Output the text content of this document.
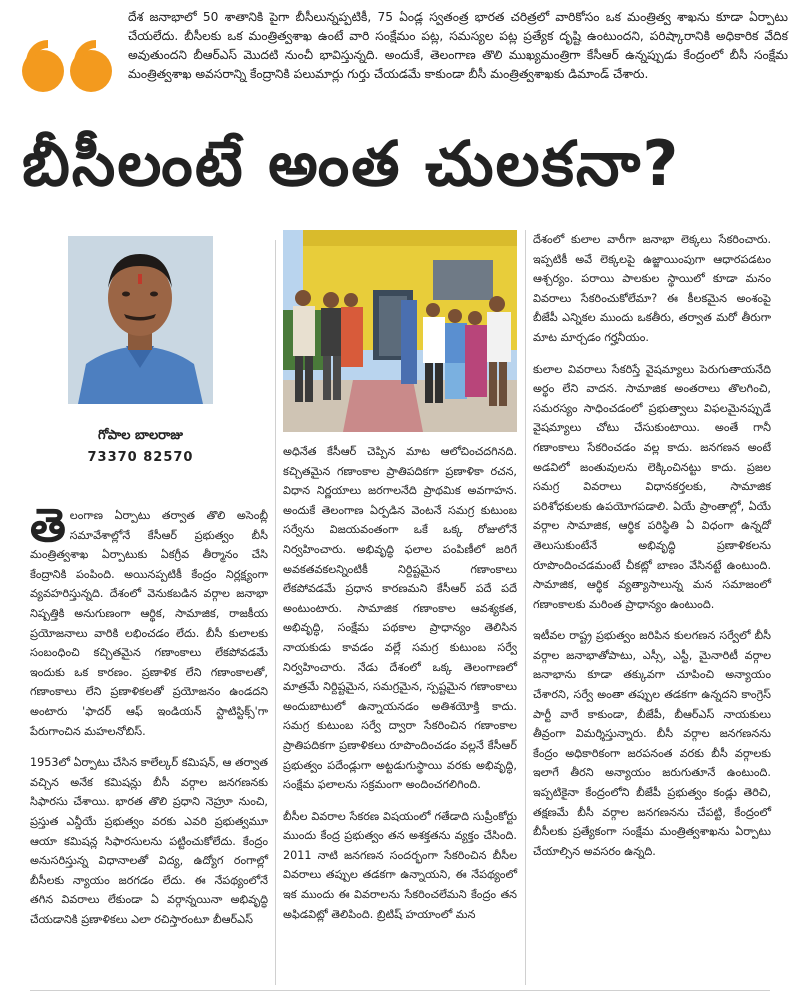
దేశ జనాభాలో 50 శాతానికి పైగా బీసీలున్నప్పటికీ, 75 ఏండ్ల స్వతంత్ర భారత చరిత్రలో వారికోసం ఒక మంత్రిత్వ శాఖను కూడా ఏర్పాటు చేయలేదు. బీసీలకు ఒక మంత్రిత్వశాఖ ఉంటే వారి సంక్షేమం పట్ల, సమస్యల పట్ల ప్రత్యేక దృష్టి ఉంటుందని, పరిష్కారానికి అధికారిక వేదిక అవుతుందని బీఆర్ఎస్ మొదటి నుంచీ భావిస్తున్నది. అందుకే, తెలంగాణ తొలి ముఖ్యమంత్రిగా కేసీఆర్ ఉన్నప్పుడు కేంద్రంలో బీసీ సంక్షేమ మంత్రిత్వశాఖ అవసరాన్ని కేంద్రానికి పలుమార్లు గుర్తు చేయడమే కాకుండా బీసీ మంత్రిత్వశాఖకు డిమాండ్ చేశారు.

బీసీలంటే అంత చులకనా?

గోపాల బాలరాజు

73370 82570

తెలంగాణ ఏర్పాటు తర్వాత తొలి అసెంబ్లీ సమావేశాల్లోనే కేసీఆర్ ప్రభుత్వం బీసీ మంత్రిత్వశాఖ ఏర్పాటుకు ఏకగ్రీవ తీర్మానం చేసి కేంద్రానికి పంపింది. అయినప్పటికీ కేంద్రం నిర్లక్ష్యంగా వ్యవహరిస్తున్నది. దేశంలో వెనుకబడిన వర్గాల జనాభా నిష్పత్తికి అనుగుణంగా ఆర్థిక, సామాజిక, రాజకీయ ప్రయోజనాలు వారికి లభించడం లేదు. బీసీ కులాలకు సంబంధించి కచ్చితమైన గణాంకాలు లేకపోవడమే ఇందుకు ఒక కారణం. ప్రణాళిక లేని గణాంకాలతో, గణాంకాలు లేని ప్రణాళికలతో ప్రయోజనం ఉండదని అంటారు 'ఫాదర్ ఆఫ్ ఇండియన్ స్టాటిస్టిక్స్'గా పేరుగాంచిన మహలనోబిస్.

1953లో ఏర్పాటు చేసిన కాలేల్కర్ కమిషన్, ఆ తర్వాత వచ్చిన అనేక కమిషన్లు బీసీ వర్గాల జనగణనకు సిఫారసు చేశాయి. భారత తొలి ప్రధాని నెహ్రూ నుంచి, ప్రస్తుత ఎన్డీయే ప్రభుత్వం వరకు ఎవరి ప్రభుత్వమూ ఆయా కమిషన్ల సిఫారసులను పట్టించుకోలేదు. కేంద్రం అనుసరిస్తున్న విధానాలతో విద్య, ఉద్యోగ రంగాల్లో బీసీలకు న్యాయం జరగడం లేదు. ఈ నేపథ్యంలోనే తగిన వివరాలు లేకుండా ఏ వర్గాన్నయినా అభివృద్ధి చేయడానికి ప్రణాళికలు ఎలా రచిస్తారంటూ బీఆర్ఎస్

అధినేత కేసీఆర్ చెప్పిన మాట ఆలోచించదగినది. కచ్చితమైన గణాంకాల ప్రాతిపదికగా ప్రణాళికా రచన, విధాన నిర్ణయాలు జరగాలనేది ప్రాథమిక అవగాహన. అందుకే తెలంగాణ ఏర్పడిన వెంటనే సమగ్ర కుటుంబ సర్వేను విజయవంతంగా ఒకే ఒక్క రోజులోనే నిర్వహించారు. అభివృద్ధి ఫలాల పంపిణీలో జరిగే అవకతవకలన్నింటికీ నిర్దిష్టమైన గణాంకాలు లేకపోవడమే ప్రధాన కారణమని కేసీఆర్ పదే పదే అంటుంటారు. సామాజిక గణాంకాల ఆవశ్యకత, అభివృద్ధి, సంక్షేమ పథకాల ప్రాధాన్యం తెలిసిన నాయకుడు కావడం వల్లే సమగ్ర కుటుంబ సర్వే నిర్వహించారు. నేడు దేశంలో ఒక్క తెలంగాణలో మాత్రమే నిర్దిష్టమైన, సమగ్రమైన, స్పష్టమైన గణాంకాలు అందుబాటులో ఉన్నాయనడం అతిశయోక్తి కాదు. సమగ్ర కుటుంబ సర్వే ద్వారా సేకరించిన గణాంకాల ప్రాతిపదికగా ప్రణాళికలు రూపొందించడం వల్లనే కేసీఆర్ ప్రభుత్వం పదేండ్లుగా అట్టడుగుస్థాయి వరకు అభివృద్ధి, సంక్షేమ ఫలాలను సక్రమంగా అందించగలిగింది.

బీసీల వివరాల సేకరణ విషయంలో గతేడాది సుప్రీంకోర్టు ముందు కేంద్ర ప్రభుత్వం తన అశక్తతను వ్యక్తం చేసింది. 2011 నాటి జనగణన సందర్భంగా సేకరించిన బీసీల వివరాలు తప్పుల తడకగా ఉన్నాయని, ఈ నేపథ్యంలో ఇక ముందు ఈ వివరాలను సేకరించలేమని కేంద్రం తన అఫిడవిట్లో తెలిపింది. బ్రిటిష్ హయాంలో మన

దేశంలో కులాల వారీగా జనాభా లెక్కలు సేకరించారు. ఇప్పటికీ అవే లెక్కలపై ఉజ్జాయింపుగా ఆధారపడటం ఆశ్చర్యం. పరాయి పాలకుల స్థాయిలో కూడా మనం వివరాలు సేకరించుకోలేమా? ఈ కీలకమైన అంశంపై బీజేపీ ఎన్నికల ముందు ఒకతీరు, తర్వాత మరో తీరుగా మాట మార్చడం గర్హనీయం.

కులాల వివరాలు సేకరిస్తే వైషమ్యాలు పెరుగుతాయనేది అర్థం లేని వాదన. సామాజిక అంతరాలు తొలగించి, సమరస్యం సాధించడంలో ప్రభుత్వాలు విఫలమైనప్పుడే వైషమ్యాలు చోటు చేసుకుంటాయి. అంతే గానీ గణాంకాలు సేకరించడం వల్ల కాదు. జనగణన అంటే అడవిలో జంతువులను లెక్కించినట్టు కాదు. ప్రజల సమగ్ర వివరాలు విధానకర్తలకు, సామాజిక పరిశోధకులకు ఉపయోగపడాలి. ఏయే ప్రాంతాల్లో, ఏయే వర్గాల సామాజిక, ఆర్థిక పరిస్థితి ఏ విధంగా ఉన్నదో తెలుసుకుంటేనే అభివృద్ధి ప్రణాళికలను రూపొందించడమంటే చీకట్లో బాణం వేసినట్టే ఉంటుంది. సామాజిక, ఆర్థిక వ్యత్యాసాలున్న మన సమాజంలో గణాంకాలకు మరింత ప్రాధాన్యం ఉంటుంది.

ఇటీవల రాష్ట్ర ప్రభుత్వం జరిపిన కులగణన సర్వేలో బీసీ వర్గాల జనాభాతోపాటు, ఎస్సీ, ఎస్టీ, మైనారిటీ వర్గాల జనాభాను కూడా తక్కువగా చూపించి అన్యాయం చేశారని, సర్వే అంతా తప్పుల తడకగా ఉన్నదని కాంగ్రెస్ పార్టీ వారే కాకుండా, బీజేపీ, బీఆర్ఎస్ నాయకులు తీవ్రంగా విమర్శిస్తున్నారు. బీసీ వర్గాల జనగణనను కేంద్రం అధికారికంగా జరపనంత వరకు బీసీ వర్గాలకు ఇలాగే తీరని అన్యాయం జరుగుతూనే ఉంటుంది. ఇప్పటికైనా కేంద్రంలోని బీజేపీ ప్రభుత్వం కండ్లు తెరిచి, తక్షణమే బీసీ వర్గాల జనగణనను చేపట్టి, కేంద్రంలో బీసీలకు ప్రత్యేకంగా సంక్షేమ మంత్రిత్వశాఖను ఏర్పాటు చేయాల్సిన అవసరం ఉన్నది.
